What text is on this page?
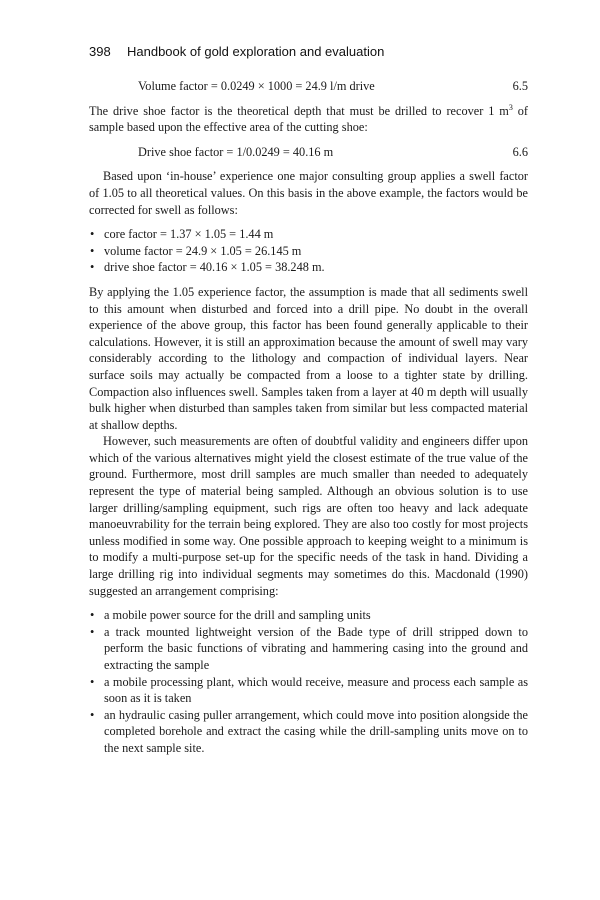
398 Handbook of gold exploration and evaluation
Volume factor = 0.0249 × 1000 = 24.9 l/m drive	6.5

The drive shoe factor is the theoretical depth that must be drilled to recover 1 $m^3$ of sample based upon the effective area of the cutting shoe:

Drive shoe factor = 1/0.0249 = 40.16 m	6.6

Based upon ‘in-house’ experience one major consulting group applies a swell factor of 1.05 to all theoretical values. On this basis in the above example, the factors would be corrected for swell as follows:

• core factor = 1.37 × 1.05 = 1.44 m
• volume factor = 24.9 × 1.05 = 26.145 m
• drive shoe factor = 40.16 × 1.05 = 38.248 m.

By applying the 1.05 experience factor, the assumption is made that all sediments swell to this amount when disturbed and forced into a drill pipe. No doubt in the overall experience of the above group, this factor has been found generally applicable to their calculations. However, it is still an approximation because the amount of swell may vary considerably according to the lithology and compaction of individual layers. Near surface soils may actually be compacted from a loose to a tighter state by drilling. Compaction also influences swell. Samples taken from a layer at 40 m depth will usually bulk higher when disturbed than samples taken from similar but less compacted material at shallow depths.

However, such measurements are often of doubtful validity and engineers differ upon which of the various alternatives might yield the closest estimate of the true value of the ground. Furthermore, most drill samples are much smaller than needed to adequately represent the type of material being sampled. Although an obvious solution is to use larger drilling/sampling equipment, such rigs are often too heavy and lack adequate manoeuvrability for the terrain being explored. They are also too costly for most projects unless modified in some way. One possible approach to keeping weight to a minimum is to modify a multi-purpose set-up for the specific needs of the task in hand. Dividing a large drilling rig into individual segments may sometimes do this. Macdonald (1990) suggested an arrangement comprising:

• a mobile power source for the drill and sampling units
• a track mounted lightweight version of the Bade type of drill stripped down to perform the basic functions of vibrating and hammering casing into the ground and extracting the sample
• a mobile processing plant, which would receive, measure and process each sample as soon as it is taken
• an hydraulic casing puller arrangement, which could move into position alongside the completed borehole and extract the casing while the drill-sampling units move on to the next sample site.
